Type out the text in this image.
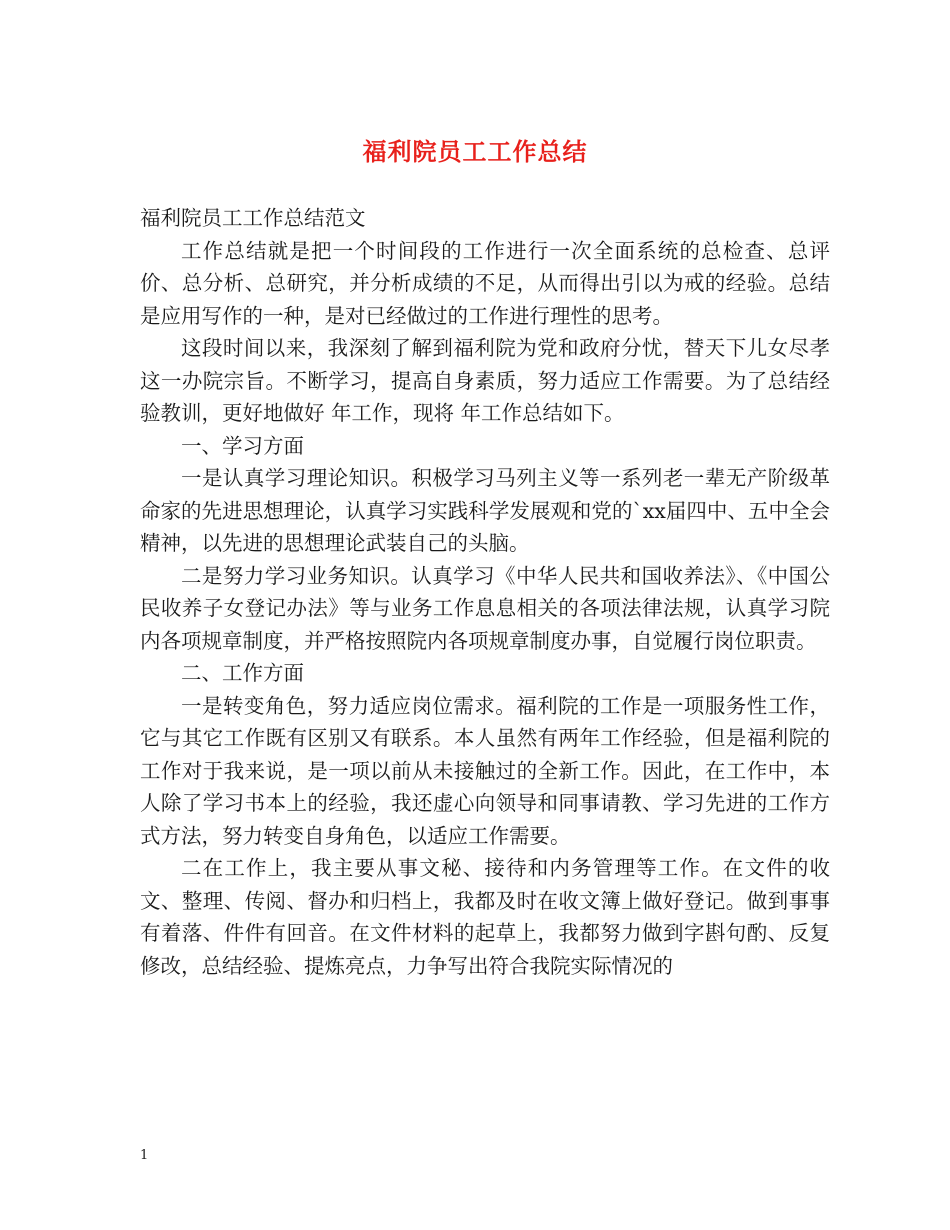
福利院员工工作总结

福利院员工工作总结范文

工作总结就是把一个时间段的工作进行一次全面系统的总检查、总评价、总分析、总研究，并分析成绩的不足，从而得出引以为戒的经验。总结是应用写作的一种，是对已经做过的工作进行理性的思考。

这段时间以来，我深刻了解到福利院为党和政府分忧，替天下儿女尽孝这一办院宗旨。不断学习，提高自身素质，努力适应工作需要。为了总结经验教训，更好地做好 年工作，现将 年工作总结如下。

一、学习方面

一是认真学习理论知识。积极学习马列主义等一系列老一辈无产阶级革命家的先进思想理论，认真学习实践科学发展观和党的`xx届四中、五中全会精神，以先进的思想理论武装自己的头脑。

二是努力学习业务知识。认真学习《中华人民共和国收养法》、《中国公民收养子女登记办法》等与业务工作息息相关的各项法律法规，认真学习院内各项规章制度，并严格按照院内各项规章制度办事，自觉履行岗位职责。

二、工作方面

一是转变角色，努力适应岗位需求。福利院的工作是一项服务性工作，它与其它工作既有区别又有联系。本人虽然有两年工作经验，但是福利院的工作对于我来说，是一项以前从未接触过的全新工作。因此，在工作中，本人除了学习书本上的经验，我还虚心向领导和同事请教、学习先进的工作方式方法，努力转变自身角色，以适应工作需要。

二在工作上，我主要从事文秘、接待和内务管理等工作。在文件的收文、整理、传阅、督办和归档上，我都及时在收文簿上做好登记。做到事事有着落、件件有回音。在文件材料的起草上，我都努力做到字斟句酌、反复修改，总结经验、提炼亮点，力争写出符合我院实际情况的

1
